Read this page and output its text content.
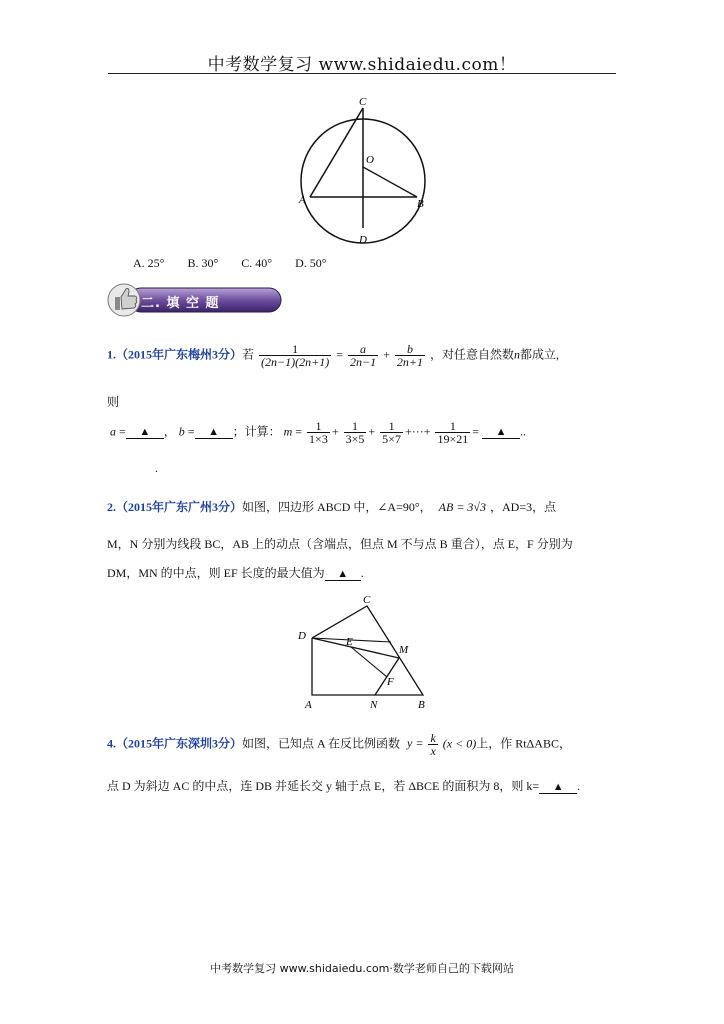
中考数学复习 www.shidaiedu.com！
C
O
A	B
D
A. 25° B. 30° C. 40° D. 50°
二. 填 空 题
1.（2015年广东梅州3分）若 $\frac{1}{(2n-1)(2n+1)} = \frac{a}{2n-1} + \frac{b}{2n+1}$ ，对任意自然数n都成立,
则
a = ▲ ， b = ▲ ；计算： $m = \frac{1}{1\times 3} + \frac{1}{3\times 5} + \frac{1}{5\times 7}$ +···+ $\frac{1}{19\times 21}$ = ▲ ..
.
2.（2015年广东广州3分）如图，四边形 ABCD 中，∠A=90°， AB = 3√3 ，AD=3，点
M，N 分别为线段 BC，AB 上的动点（含端点，但点 M 不与点 B 重合），点 E，F 分别为
DM，MN 的中点，则 EF 长度的最大值为 ▲ .
C
D	E
M
F
A	N	B
4.（2015年广东深圳3分）如图，已知点 A 在反比例函数 $y = \frac{k}{x} (x < 0)$上，作 RtΔABC，
点 D 为斜边 AC 的中点，连 DB 并延长交 y 轴于点 E，若 ΔBCE 的面积为 8，则 k= ▲ .
中考数学复习 www.shidaiedu.com·数学老师自己的下载网站
